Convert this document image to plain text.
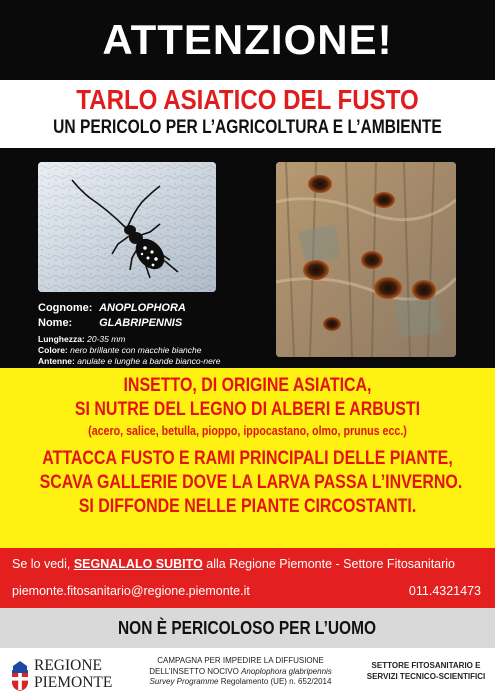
ATTENZIONE!
TARLO ASIATICO DEL FUSTO
UN PERICOLO PER L’AGRICOLTURA E L’AMBIENTE
Cognome: ANOPLOPHORA
Nome: GLABRIPENNIS
Lunghezza: 20-35 mm
Colore: nero brillante con macchie bianche
Antenne: anulate e lunghe a bande bianco-nere
INSETTO, DI ORIGINE ASIATICA,
SI NUTRE DEL LEGNO DI ALBERI E ARBUSTI
(acero, salice, betulla, pioppo, ippocastano, olmo, prunus ecc.)
ATTACCA FUSTO E RAMI PRINCIPALI DELLE PIANTE,
SCAVA GALLERIE DOVE LA LARVA PASSA L’INVERNO.
SI DIFFONDE NELLE PIANTE CIRCOSTANTI.
Se lo vedi, SEGNALALO SUBITO alla Regione Piemonte - Settore Fitosanitario
piemonte.fitosanitario@regione.piemonte.it	011.4321473
NON È PERICOLOSO PER L’UOMO
REGIONE
PIEMONTE
CAMPAGNA PER IMPEDIRE LA DIFFUSIONE
DELL’INSETTO NOCIVO Anoplophora glabripennis
Survey Programme Regolamento (UE) n. 652/2014
SETTORE FITOSANITARIO E
SERVIZI TECNICO-SCIENTIFICI
